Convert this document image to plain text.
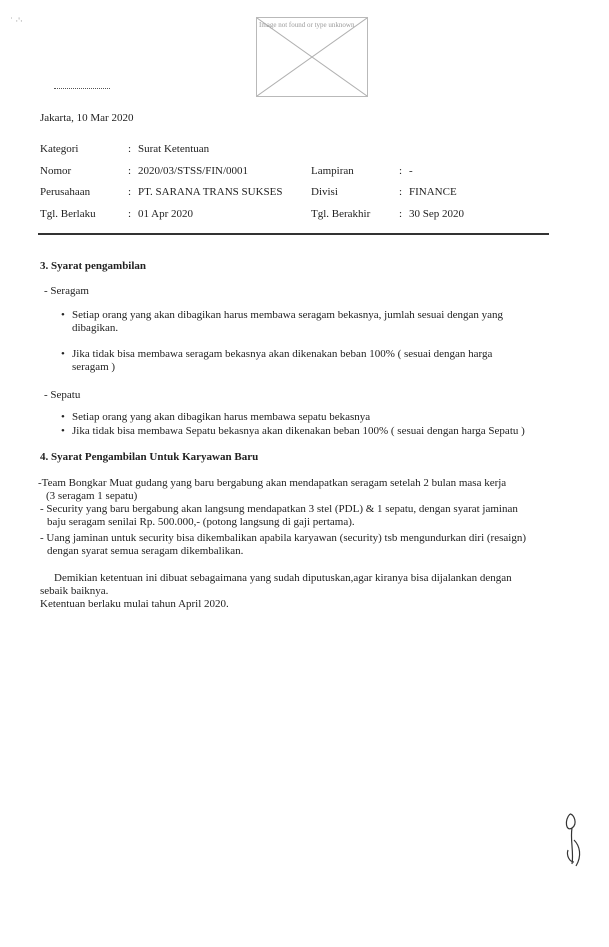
˙ ·'·	Image not found or type unknown
Jakarta, 10 Mar 2020
Kategori	: Surat Ketentuan
Nomor	: 2020/03/STSS/FIN/0001	Lampiran	: -
Perusahaan	: PT. SARANA TRANS SUKSES	Divisi	: FINANCE
Tgl. Berlaku	: 01 Apr 2020	Tgl. Berakhir	: 30 Sep 2020
3. Syarat pengambilan
- Seragam
• Setiap orang yang akan dibagikan harus membawa seragam bekasnya, jumlah sesuai dengan yang
dibagikan.
• Jika tidak bisa membawa seragam bekasnya akan dikenakan beban 100% ( sesuai dengan harga
seragam )
- Sepatu
• Setiap orang yang akan dibagikan harus membawa sepatu bekasnya
• Jika tidak bisa membawa Sepatu bekasnya akan dikenakan beban 100% ( sesuai dengan harga Sepatu )
4. Syarat Pengambilan Untuk Karyawan Baru
-Team Bongkar Muat gudang yang baru bergabung akan mendapatkan seragam setelah 2 bulan masa kerja
(3 seragam 1 sepatu)
- Security yang baru bergabung akan langsung mendapatkan 3 stel (PDL) & 1 sepatu, dengan syarat jaminan
baju seragam senilai Rp. 500.000,- (potong langsung di gaji pertama).
- Uang jaminan untuk security bisa dikembalikan apabila karyawan (security) tsb mengundurkan diri (resaign)
dengan syarat semua seragam dikembalikan.
Demikian ketentuan ini dibuat sebagaimana yang sudah diputuskan,agar kiranya bisa dijalankan dengan
sebaik baiknya.
Ketentuan berlaku mulai tahun April 2020.
